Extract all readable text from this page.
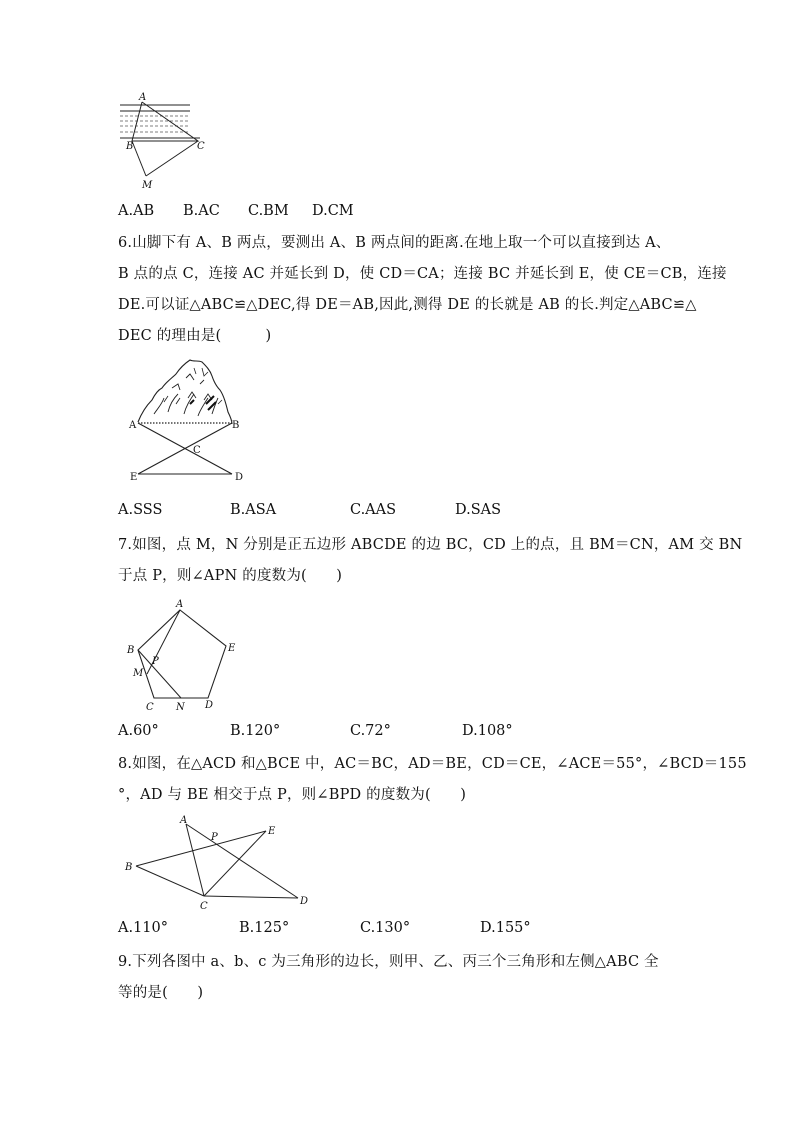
A
B	C
M
A.AB B.AC C.BM D.CM
6.山脚下有 A、B 两点，要测出 A、B 两点间的距离.在地上取一个可以直接到达 A、
B 点的点 C，连接 AC 并延长到 D，使 CD＝CA；连接 BC 并延长到 E，使 CE＝CB，连接
DE.可以证△ABC≌△DEC,得 DE＝AB,因此,测得 DE 的长就是 AB 的长.判定△ABC≌△
DEC 的理由是(　　　)
A	B
C
D
E
A.SSS	B.ASA	C.AAS	D.SAS
7.如图，点 M，N 分别是正五边形 ABCDE 的边 BC，CD 上的点，且 BM＝CN，AM 交 BN
于点 P，则∠APN 的度数为(　　)
A
B
C	D
E
M
N
P
A.60°	B.120°	C.72°	D.108°
8.如图，在△ACD 和△BCE 中，AC＝BC，AD＝BE，CD＝CE，∠ACE＝55°，∠BCD＝155
°，AD 与 BE 相交于点 P，则∠BPD 的度数为(　　)
A
B
C	D
E
P
A.110°	B.125°	C.130°	D.155°
9.下列各图中 a、b、c 为三角形的边长，则甲、乙、丙三个三角形和左侧△ABC 全
等的是(　　)
